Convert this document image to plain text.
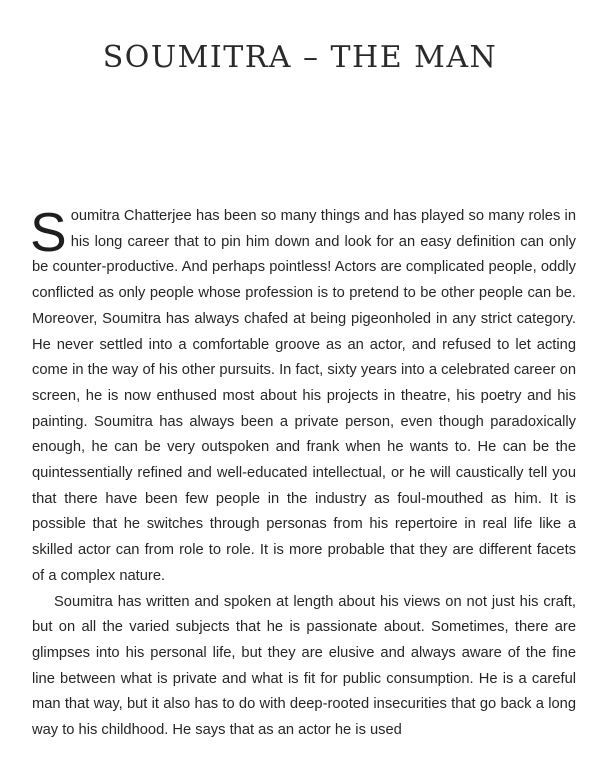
SOUMITRA – THE MAN

Soumitra Chatterjee has been so many things and has played so many roles in his long career that to pin him down and look for an easy definition can only be counter-productive. And perhaps pointless! Actors are complicated people, oddly conflicted as only people whose profession is to pretend to be other people can be. Moreover, Soumitra has always chafed at being pigeonholed in any strict category. He never settled into a comfortable groove as an actor, and refused to let acting come in the way of his other pursuits. In fact, sixty years into a celebrated career on screen, he is now enthused most about his projects in theatre, his poetry and his painting. Soumitra has always been a private person, even though paradoxically enough, he can be very outspoken and frank when he wants to. He can be the quintessentially refined and well-educated intellectual, or he will caustically tell you that there have been few people in the industry as foul-mouthed as him. It is possible that he switches through personas from his repertoire in real life like a skilled actor can from role to role. It is more probable that they are different facets of a complex nature.

Soumitra has written and spoken at length about his views on not just his craft, but on all the varied subjects that he is passionate about. Sometimes, there are glimpses into his personal life, but they are elusive and always aware of the fine line between what is private and what is fit for public consumption. He is a careful man that way, but it also has to do with deep-rooted insecurities that go back a long way to his childhood. He says that as an actor he is used
